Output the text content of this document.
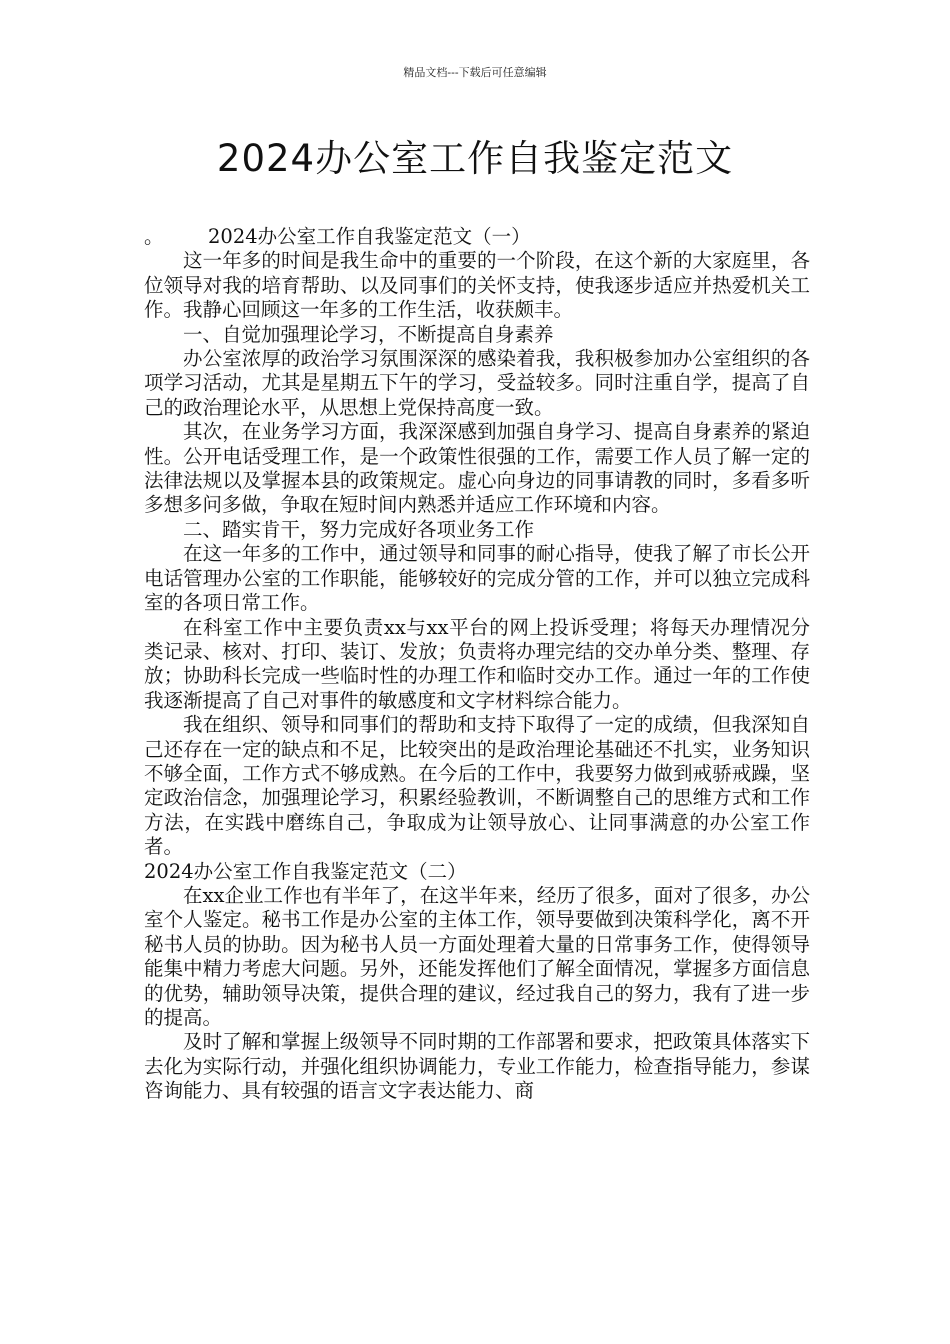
精品文档---下载后可任意编辑

2024办公室工作自我鉴定范文

。 2024办公室工作自我鉴定范文（一）

这一年多的时间是我生命中的重要的一个阶段，在这个新的大家庭里，各位领导对我的培育帮助、以及同事们的关怀支持，使我逐步适应并热爱机关工作。我静心回顾这一年多的工作生活，收获颇丰。

一、自觉加强理论学习，不断提高自身素养

办公室浓厚的政治学习氛围深深的感染着我，我积极参加办公室组织的各项学习活动，尤其是星期五下午的学习，受益较多。同时注重自学，提高了自己的政治理论水平，从思想上党保持高度一致。

其次，在业务学习方面，我深深感到加强自身学习、提高自身素养的紧迫性。公开电话受理工作，是一个政策性很强的工作，需要工作人员了解一定的法律法规以及掌握本县的政策规定。虚心向身边的同事请教的同时，多看多听多想多问多做，争取在短时间内熟悉并适应工作环境和内容。

二、踏实肯干，努力完成好各项业务工作

在这一年多的工作中，通过领导和同事的耐心指导，使我了解了市长公开电话管理办公室的工作职能，能够较好的完成分管的工作，并可以独立完成科室的各项日常工作。

在科室工作中主要负责xx与xx平台的网上投诉受理；将每天办理情况分类记录、核对、打印、装订、发放；负责将办理完结的交办单分类、整理、存放；协助科长完成一些临时性的办理工作和临时交办工作。通过一年的工作使我逐渐提高了自己对事件的敏感度和文字材料综合能力。

我在组织、领导和同事们的帮助和支持下取得了一定的成绩，但我深知自己还存在一定的缺点和不足，比较突出的是政治理论基础还不扎实，业务知识不够全面，工作方式不够成熟。在今后的工作中，我要努力做到戒骄戒躁，坚定政治信念，加强理论学习，积累经验教训，不断调整自己的思维方式和工作方法，在实践中磨练自己，争取成为让领导放心、让同事满意的办公室工作者。

2024办公室工作自我鉴定范文（二）

在xx企业工作也有半年了，在这半年来，经历了很多，面对了很多，办公室个人鉴定。秘书工作是办公室的主体工作，领导要做到决策科学化，离不开秘书人员的协助。因为秘书人员一方面处理着大量的日常事务工作，使得领导能集中精力考虑大问题。另外，还能发挥他们了解全面情况，掌握多方面信息的优势，辅助领导决策，提供合理的建议，经过我自己的努力，我有了进一步的提高。

及时了解和掌握上级领导不同时期的工作部署和要求，把政策具体落实下去化为实际行动，并强化组织协调能力，专业工作能力，检查指导能力，参谋咨询能力、具有较强的语言文字表达能力、商
